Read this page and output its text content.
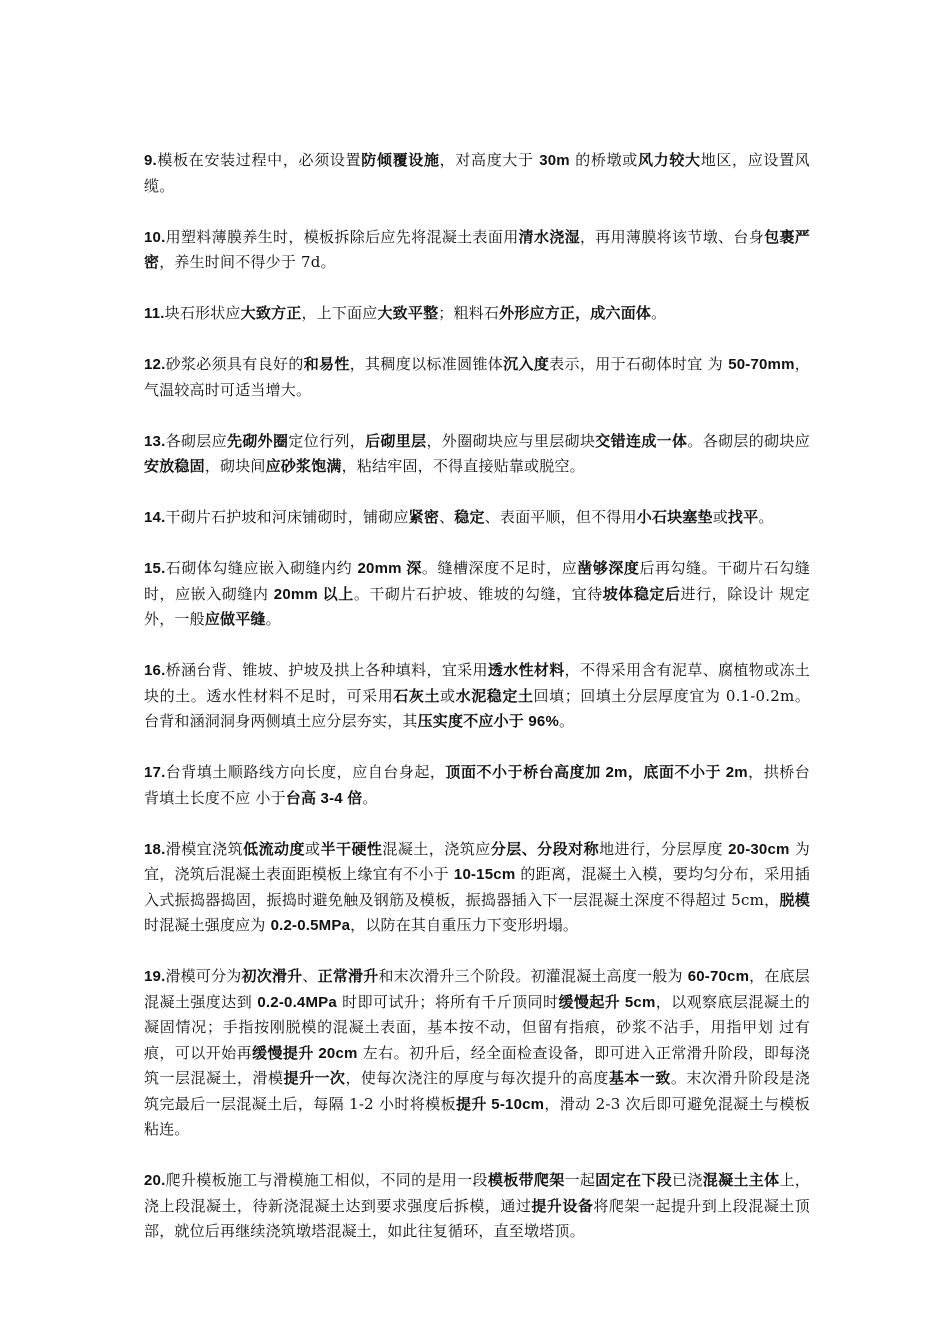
9.模板在安装过程中，必须设置防倾覆设施，对高度大于 30m 的桥墩或风力较大地区，应设置风缆。

10.用塑料薄膜养生时，模板拆除后应先将混凝土表面用清水浇湿，再用薄膜将该节墩、台身包裹严密，养生时间不得少于 7d。

11.块石形状应大致方正，上下面应大致平整；粗料石外形应方正，成六面体。

12.砂浆必须具有良好的和易性，其稠度以标准圆锥体沉入度表示，用于石砌体时宜 为 50-70mm，气温较高时可适当增大。

13.各砌层应先砌外圈定位行列，后砌里层，外圈砌块应与里层砌块交错连成一体。各砌层的砌块应安放稳固，砌块间应砂浆饱满，粘结牢固，不得直接贴靠或脱空。

14.干砌片石护坡和河床铺砌时，铺砌应紧密、稳定、表面平顺，但不得用小石块塞垫或找平。

15.石砌体勾缝应嵌入砌缝内约 20mm 深。缝槽深度不足时，应凿够深度后再勾缝。干砌片石勾缝时，应嵌入砌缝内 20mm 以上。干砌片石护坡、锥坡的勾缝，宜待坡体稳定后进行，除设计 规定外，一般应做平缝。

16.桥涵台背、锥坡、护坡及拱上各种填料，宜采用透水性材料，不得采用含有泥草、腐植物或冻土块的土。透水性材料不足时，可采用石灰土或水泥稳定土回填；回填土分层厚度宜为 0.1-0.2m。 台背和涵洞洞身两侧填土应分层夯实，其压实度不应小于 96%。

17.台背填土顺路线方向长度，应自台身起，顶面不小于桥台高度加 2m，底面不小于 2m，拱桥台背填土长度不应 小于台高 3-4 倍。

18.滑模宜浇筑低流动度或半干硬性混凝土，浇筑应分层、分段对称地进行，分层厚度 20-30cm 为宜，浇筑后混凝土表面距模板上缘宜有不小于 10-15cm 的距离，混凝土入模，要均匀分布，采用插入式振捣器捣固，振捣时避免触及钢筋及模板，振捣器插入下一层混凝土深度不得超过 5cm，脱模时混凝土强度应为 0.2-0.5MPa，以防在其自重压力下变形坍塌。

19.滑模可分为初次滑升、正常滑升和末次滑升三个阶段。初灌混凝土高度一般为 60-70cm，在底层混凝土强度达到 0.2-0.4MPa 时即可试升；将所有千斤顶同时缓慢起升 5cm，以观察底层混凝土的凝固情况；手指按刚脱模的混凝土表面，基本按不动，但留有指痕，砂浆不沾手，用指甲划 过有痕，可以开始再缓慢提升 20cm 左右。初升后，经全面检查设备，即可进入正常滑升阶段，即每浇筑一层混凝土，滑模提升一次，使每次浇注的厚度与每次提升的高度基本一致。末次滑升阶段是浇筑完最后一层混凝土后，每隔 1-2 小时将模板提升 5-10cm，滑动 2-3 次后即可避免混凝土与模板粘连。

20.爬升模板施工与滑模施工相似，不同的是用一段模板带爬架一起固定在下段已浇混凝土主体上，浇上段混凝土，待新浇混凝土达到要求强度后拆模，通过提升设备将爬架一起提升到上段混凝土顶部，就位后再继续浇筑墩塔混凝土，如此往复循环，直至墩塔顶。
